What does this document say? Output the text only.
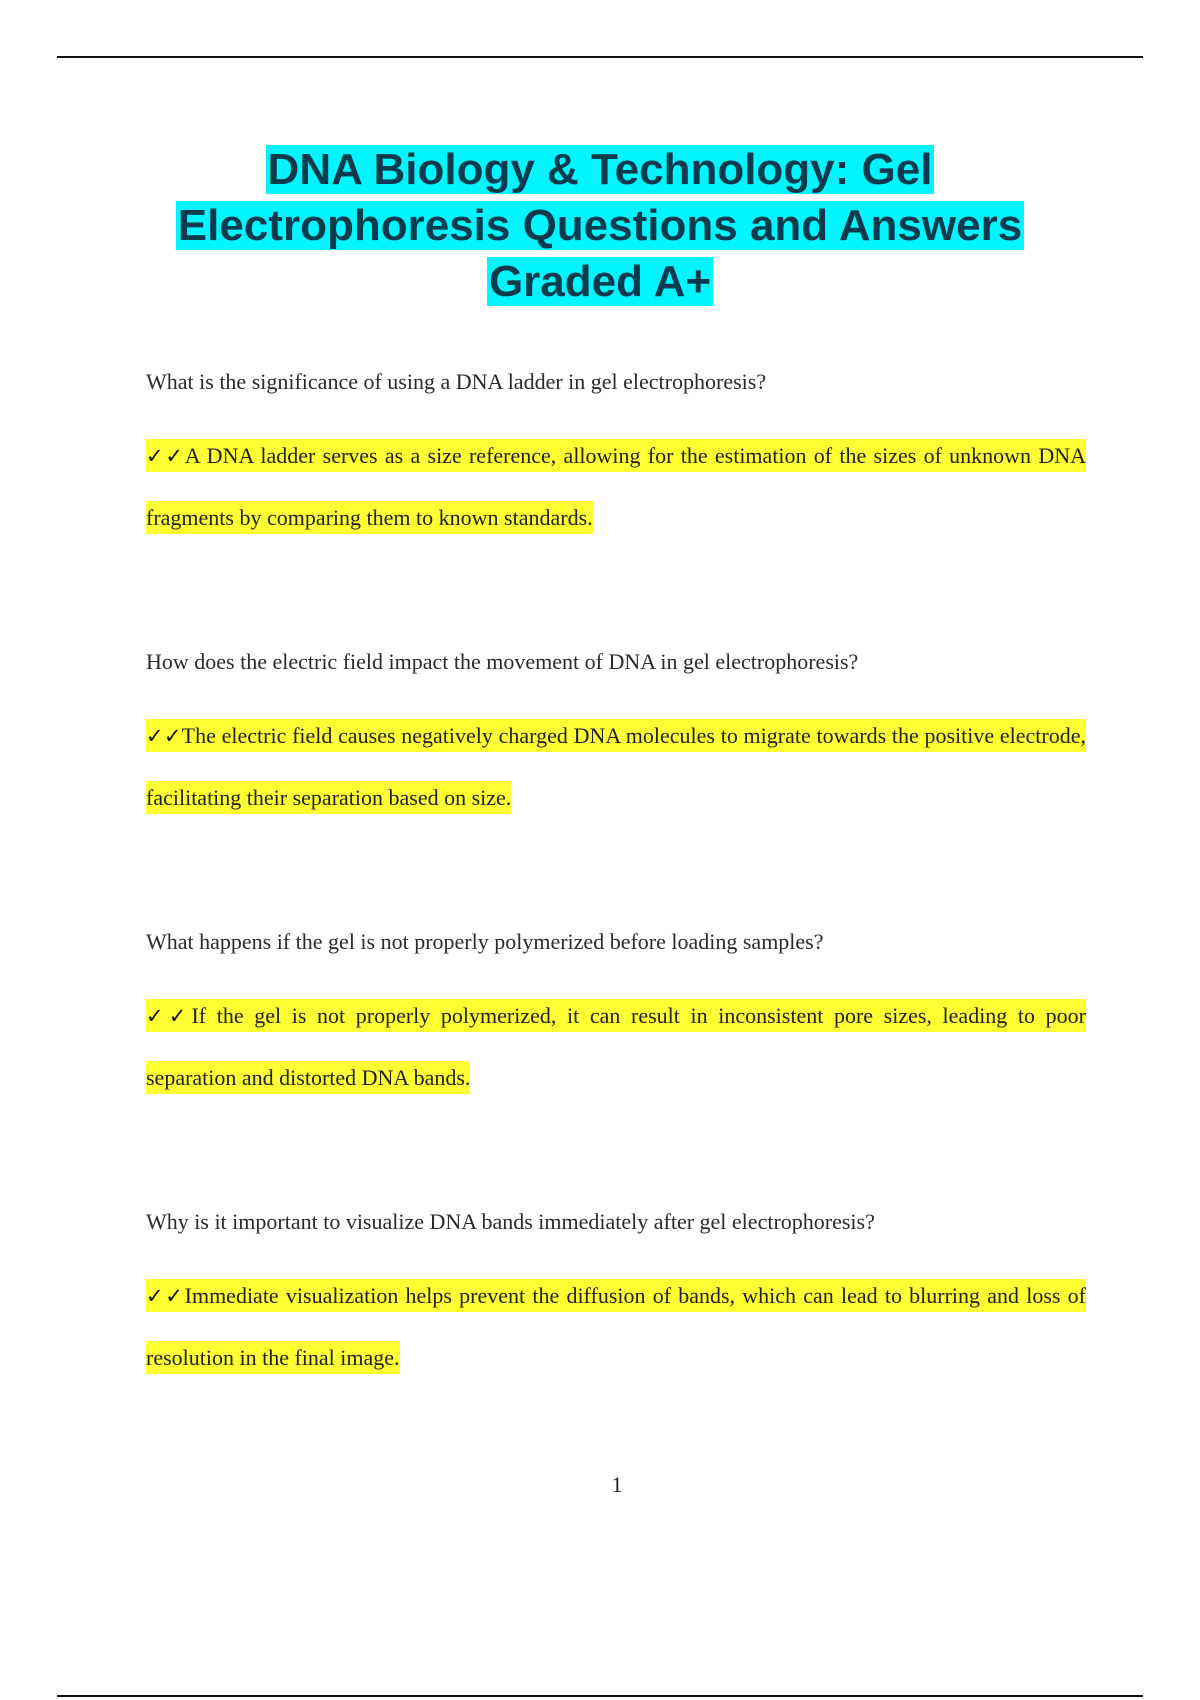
DNA Biology & Technology: Gel
Electrophoresis Questions and Answers
Graded A+

What is the significance of using a DNA ladder in gel electrophoresis?

✓✓A DNA ladder serves as a size reference, allowing for the estimation of the sizes of unknown DNA fragments by comparing them to known standards.

How does the electric field impact the movement of DNA in gel electrophoresis?

✓✓The electric field causes negatively charged DNA molecules to migrate towards the positive electrode, facilitating their separation based on size.

What happens if the gel is not properly polymerized before loading samples?

✓✓If the gel is not properly polymerized, it can result in inconsistent pore sizes, leading to poor separation and distorted DNA bands.

Why is it important to visualize DNA bands immediately after gel electrophoresis?

✓✓Immediate visualization helps prevent the diffusion of bands, which can lead to blurring and loss of resolution in the final image.

1
